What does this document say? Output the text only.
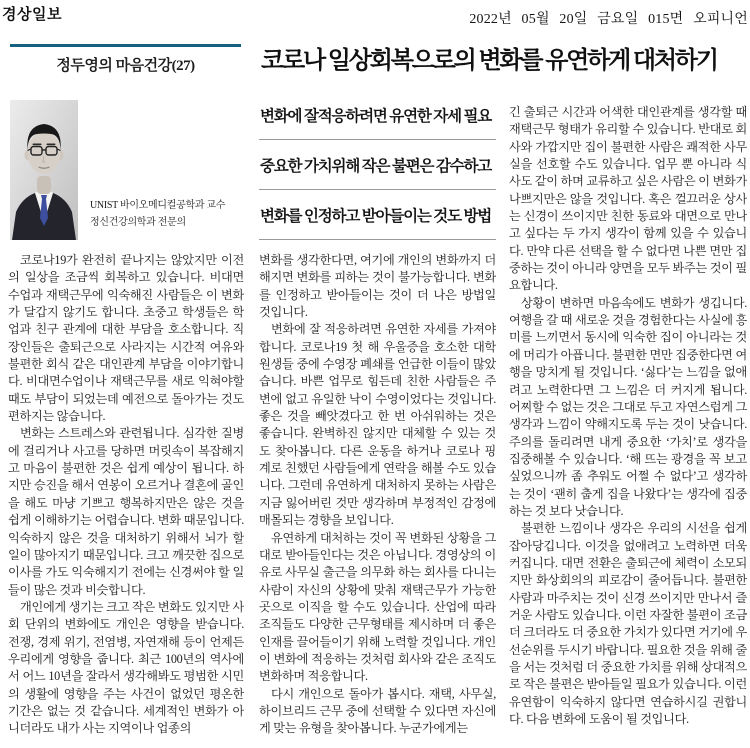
경상일보	2022년 05월 20일 금요일 015면 오피니언
정두영의 마음건강(27)	코로나 일상회복으로의 변화를 유연하게 대처하기
UNIST 바이오메디컬공학과 교수
정신건강의학과 전문의
변화에 잘적응하려면 유연한 자세 필요
중요한 가치위해 작은 불편은 감수하고
변화를 인정하고 받아들이는 것도 방법

코로나19가 완전히 끝나지는 않았지만 이전의 일상을 조금씩 회복하고 있습니다. 비대면 수업과 재택근무에 익숙해진 사람들은 이 변화가 달갑지 않기도 합니다. 초중고 학생들은 학업과 친구 관계에 대한 부담을 호소합니다. 직장인들은 출퇴근으로 사라지는 시간적 여유와 불편한 회식 같은 대인관계 부담을 이야기합니다. 비대면수업이나 재택근무를 새로 익혀야할 때도 부담이 되었는데 예전으로 돌아가는 것도 편하지는 않습니다.

변화는 스트레스와 관련됩니다. 심각한 질병에 걸리거나 사고를 당하면 머릿속이 복잡해지고 마음이 불편한 것은 쉽게 예상이 됩니다. 하지만 승진을 해서 연봉이 오르거나 결혼에 골인을 해도 마냥 기쁘고 행복하지만은 않은 것을 쉽게 이해하기는 어렵습니다. 변화 때문입니다. 익숙하지 않은 것을 대처하기 위해서 뇌가 할 일이 많아지기 때문입니다. 크고 깨끗한 집으로 이사를 가도 익숙해지기 전에는 신경써야 할 일들이 많은 것과 비슷합니다.

개인에게 생기는 크고 작은 변화도 있지만 사회 단위의 변화에도 개인은 영향을 받습니다. 전쟁, 경제 위기, 전염병, 자연재해 등이 언제든 우리에게 영향을 줍니다. 최근 100년의 역사에서 어느 10년을 잘라서 생각해봐도 평범한 시민의 생활에 영향을 주는 사건이 없었던 평온한 기간은 없는 것 같습니다. 세계적인 변화가 아니더라도 내가 사는 지역이나 업종의

변화를 생각한다면, 여기에 개인의 변화까지 더해지면 변화를 피하는 것이 불가능합니다. 변화를 인정하고 받아들이는 것이 더 나은 방법일 것입니다.

변화에 잘 적응하려면 유연한 자세를 가져야 합니다. 코로나19 첫 해 우울증을 호소한 대학원생들 중에 수영장 폐쇄를 언급한 이들이 많았습니다. 바쁜 업무로 힘든데 친한 사람들은 주변에 없고 유일한 낙이 수영이었다는 것입니다. 좋은 것을 빼앗겼다고 한 번 아쉬워하는 것은 좋습니다. 완벽하진 않지만 대체할 수 있는 것도 찾아봅니다. 다른 운동을 하거나 코로나 핑계로 친했던 사람들에게 연락을 해볼 수도 있습니다. 그런데 유연하게 대처하지 못하는 사람은 지금 잃어버린 것만 생각하며 부정적인 감정에 매몰되는 경향을 보입니다.

유연하게 대처하는 것이 꼭 변화된 상황을 그대로 받아들인다는 것은 아닙니다. 경영상의 이유로 사무실 출근을 의무화 하는 회사를 다니는 사람이 자신의 상황에 맞춰 재택근무가 가능한 곳으로 이직을 할 수도 있습니다. 산업에 따라 조직들도 다양한 근무형태를 제시하며 더 좋은 인재를 끌어들이기 위해 노력할 것입니다. 개인이 변화에 적응하는 것처럼 회사와 같은 조직도 변화하며 적응합니다.

다시 개인으로 돌아가 봅시다. 재택, 사무실, 하이브리드 근무 중에 선택할 수 있다면 자신에게 맞는 유형을 찾아봅니다. 누군가에게는

긴 출퇴근 시간과 어색한 대인관계를 생각할 때 재택근무 형태가 유리할 수 있습니다. 반대로 회사와 가깝지만 집이 불편한 사람은 쾌적한 사무실을 선호할 수도 있습니다. 업무 뿐 아니라 식사도 같이 하며 교류하고 싶은 사람은 이 변화가 나쁘지만은 않을 것입니다. 혹은 껄끄러운 상사는 신경이 쓰이지만 친한 동료와 대면으로 만나고 싶다는 두 가지 생각이 함께 있을 수 있습니다. 만약 다른 선택을 할 수 없다면 나쁜 면만 집중하는 것이 아니라 양면을 모두 봐주는 것이 필요합니다.

상황이 변하면 마음속에도 변화가 생깁니다. 여행을 갈 때 새로운 것을 경험한다는 사실에 흥미를 느끼면서 동시에 익숙한 집이 아니라는 것에 머리가 아픕니다. 불편한 면만 집중한다면 여행을 망치게 될 것입니다. ‘싫다’는 느낌을 없애려고 노력한다면 그 느낌은 더 커지게 됩니다. 어찌할 수 없는 것은 그대로 두고 자연스럽게 그 생각과 느낌이 약해지도록 두는 것이 낫습니다. 주의를 돌리려면 내게 중요한 ‘가치’로 생각을 집중해볼 수 있습니다. ‘해 뜨는 광경을 꼭 보고 싶었으니까 좀 추워도 어쩔 수 없다’고 생각하는 것이 ‘괜히 춥게 집을 나왔다’는 생각에 집중하는 것 보다 낫습니다.

불편한 느낌이나 생각은 우리의 시선을 쉽게 잡아당깁니다. 이것을 없애려고 노력하면 더욱 커집니다. 대면 전환은 출퇴근에 체력이 소모되지만 화상회의의 피로감이 줄어듭니다. 불편한 사람과 마주치는 것이 신경 쓰이지만 만나서 즐거운 사람도 있습니다. 이런 자잘한 불편이 조금 더 크더라도 더 중요한 가치가 있다면 거기에 우선순위를 두시기 바랍니다. 필요한 것을 위해 줄을 서는 것처럼 더 중요한 가치를 위해 상대적으로 작은 불편은 받아들일 필요가 있습니다. 이런 유연함이 익숙하지 않다면 연습하시길 권합니다. 다음 변화에 도움이 될 것입니다.
